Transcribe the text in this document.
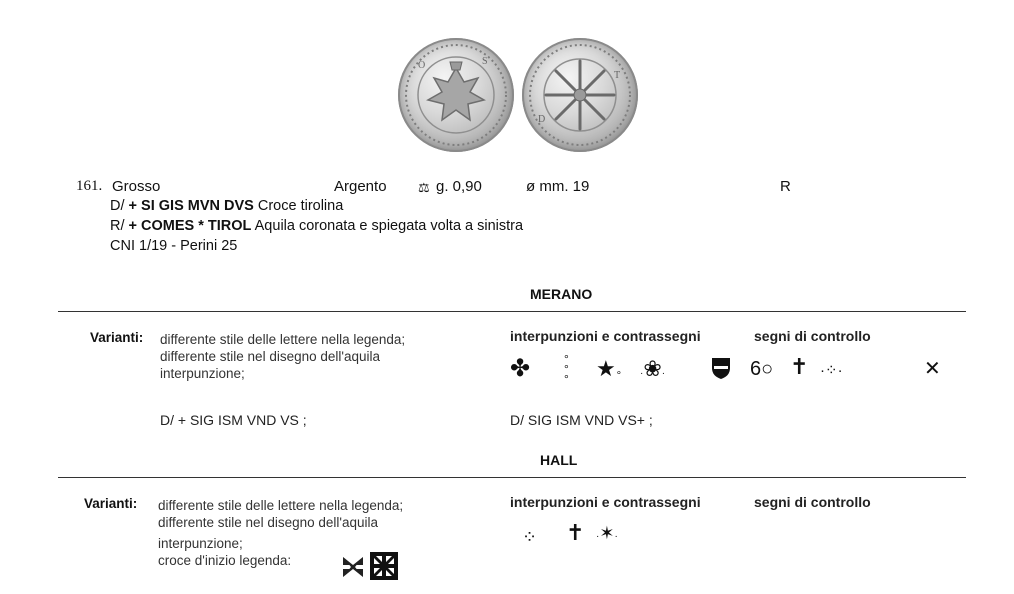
O	S
T
D
161. Grosso	Argento ⚖ g. 0,90	ø mm. 19	R
D/ + SI GIS MVN DVS Croce tirolina
R/ + COMES * TIROL Aquila coronata e spiegata volta a sinistra
CNI 1/19 - Perini 25
MERANO
Varianti: differente stile delle lettere nella legenda;
differente stile nel disegno dell'aquila
interpunzione;
interpunzioni e contrassegni	segni di controllo
✤	°
°
° ★∘ ·❀·	6○ ✝ ·⁘·	✕
D/ + SIG ISM VND VS ;	D/ SIG ISM VND VS+ ;
HALL
Varianti: differente stile delle lettere nella legenda;
differente stile nel disegno dell'aquila
interpunzione;
croce d'inizio legenda:
interpunzioni e contrassegni	segni di controllo
⁘ ✝ ·✶·
